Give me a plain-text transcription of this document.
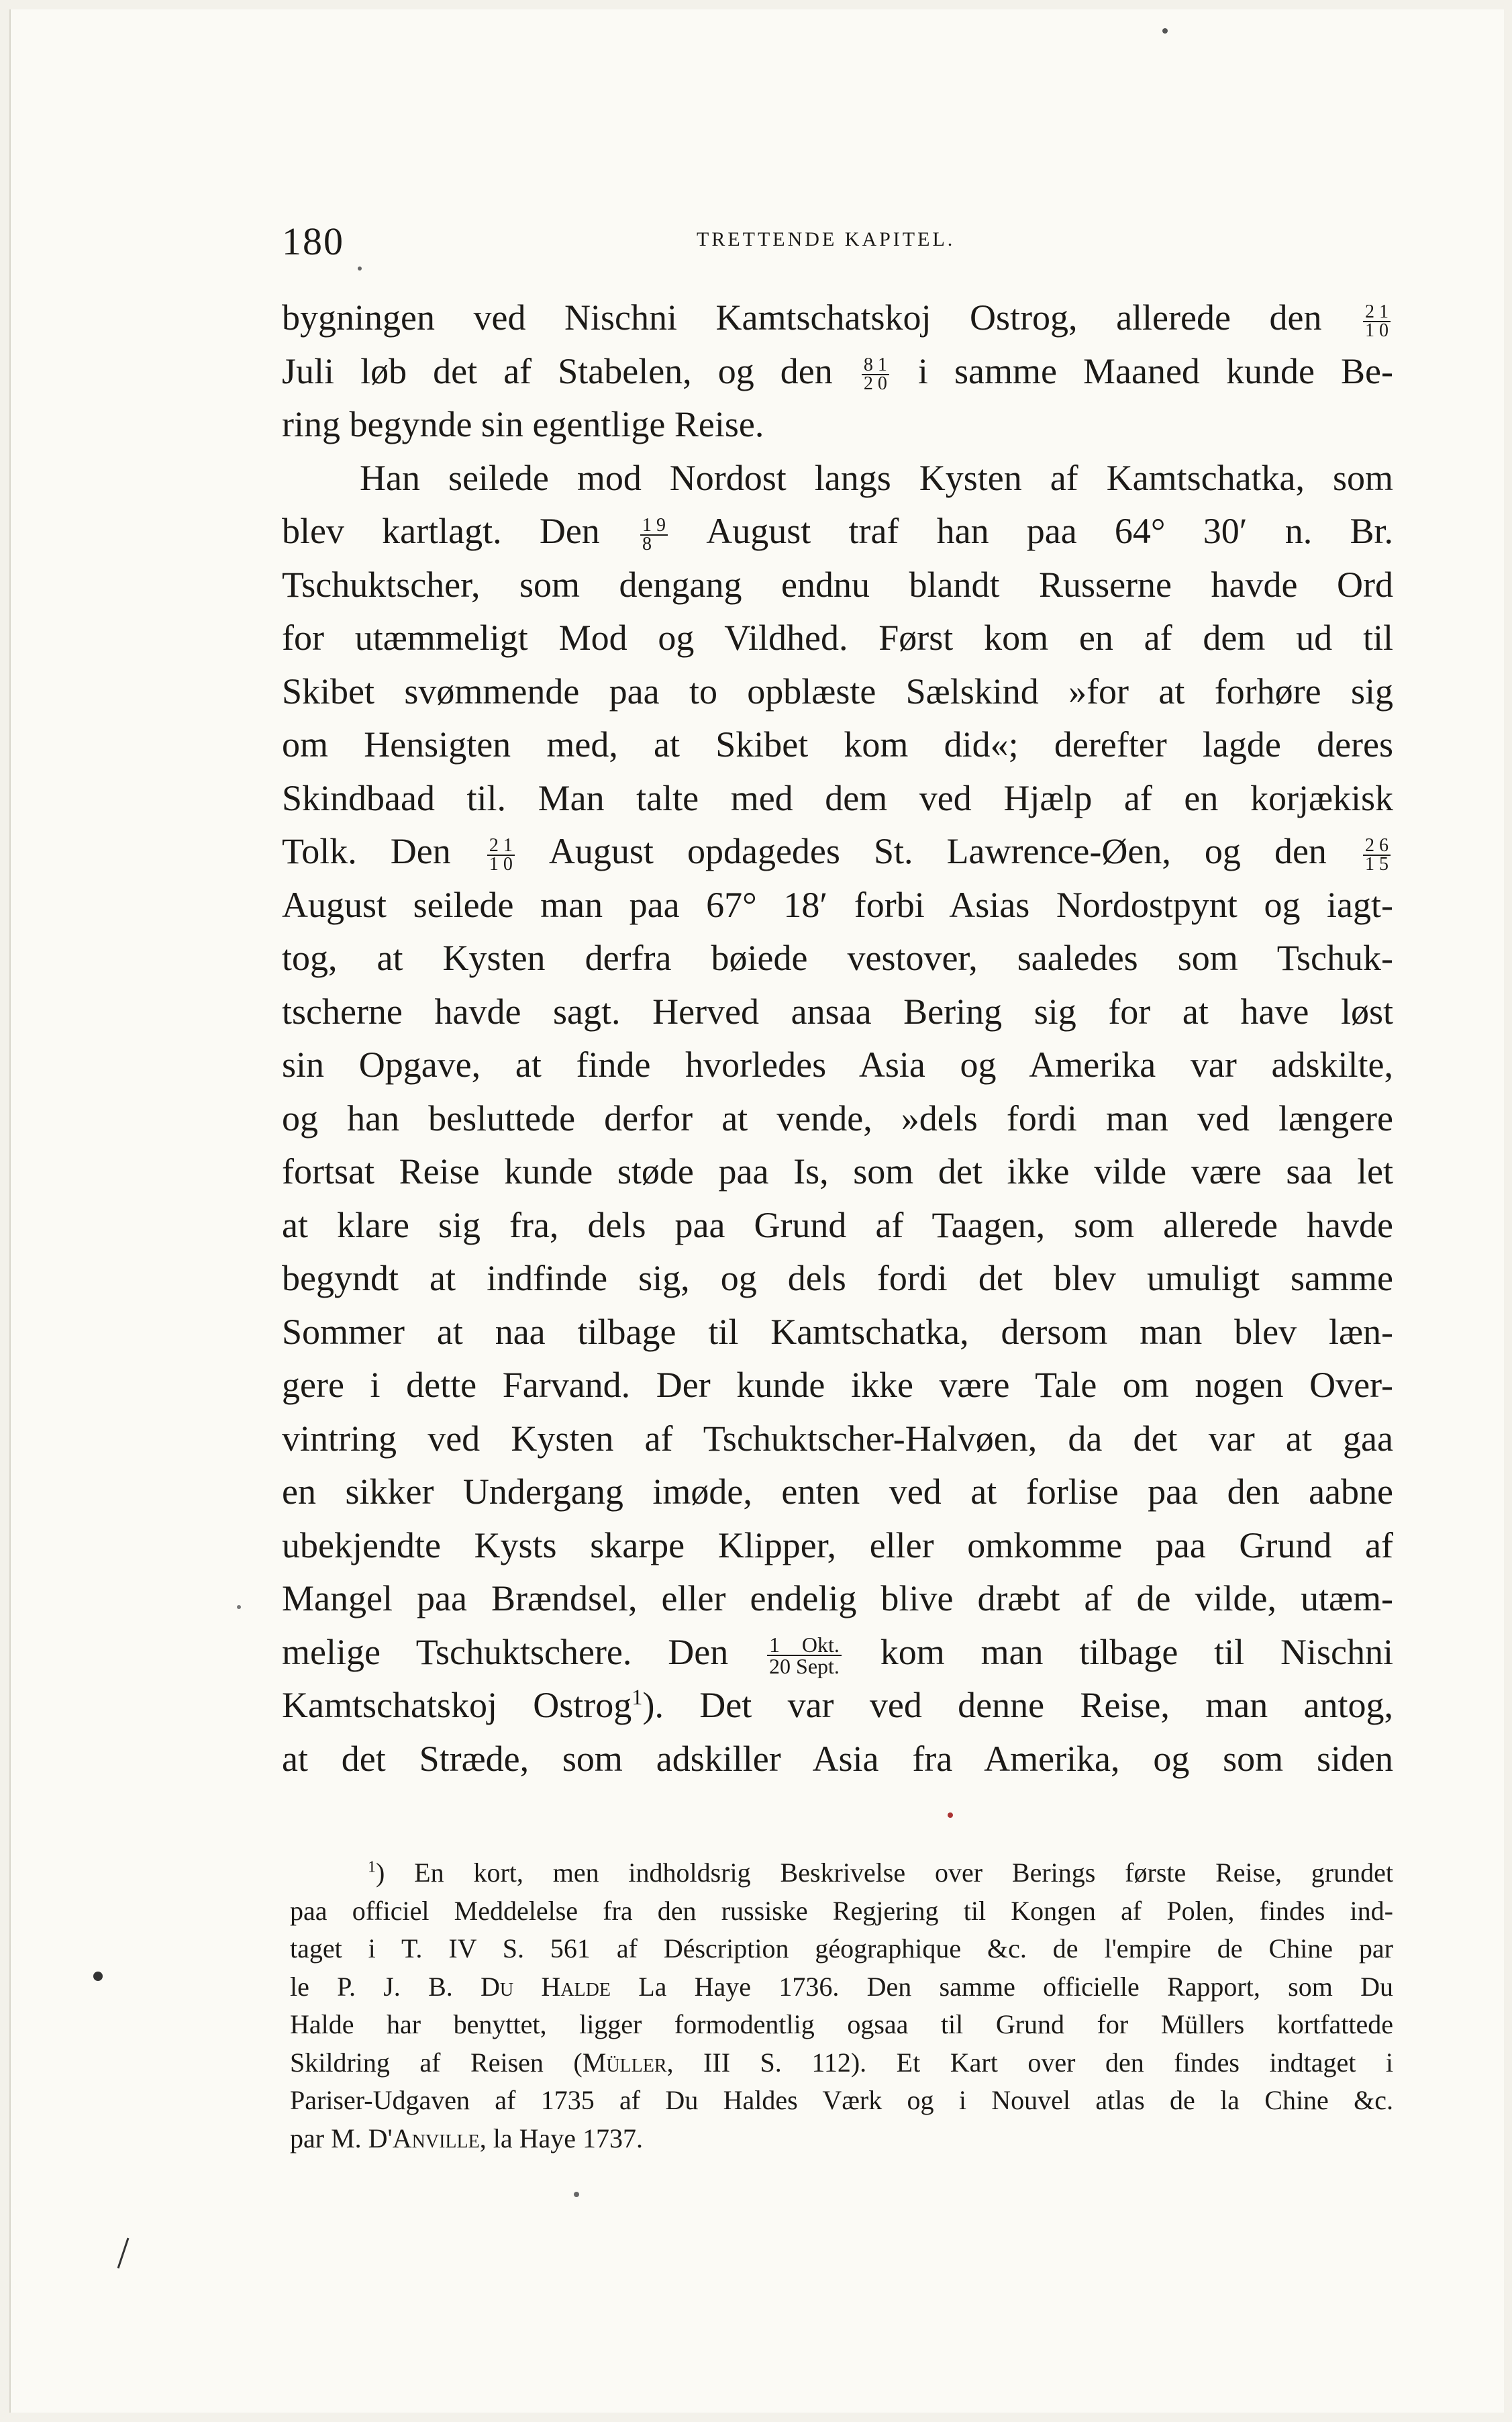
180	TRETTENDE KAPITEL.
bygningen ved Nischni Kamtschatskoj Ostrog, allerede den $\frac{2 1}{1 0}$
Juli løb det af Stabelen, og den $\frac{8 1}{2 0}$ i samme Maaned kunde Be-
ring begynde sin egentlige Reise.
Han seilede mod Nordost langs Kysten af Kamtschatka, som
blev kartlagt. Den $\frac{1 9}{8}$ August traf han paa 64° 30′ n. Br.
Tschuktscher, som dengang endnu blandt Russerne havde Ord
for utæmmeligt Mod og Vildhed. Først kom en af dem ud til
Skibet svømmende paa to opblæste Sælskind »for at forhøre sig
om Hensigten med, at Skibet kom did«; derefter lagde deres
Skindbaad til. Man talte med dem ved Hjælp af en korjækisk
Tolk. Den $\frac{2 1}{1 0}$ August opdagedes St. Lawrence-Øen, og den $\frac{2 6}{1 5}$
August seilede man paa 67° 18′ forbi Asias Nordostpynt og iagt-
tog, at Kysten derfra bøiede vestover, saaledes som Tschuk-
tscherne havde sagt. Herved ansaa Bering sig for at have løst
sin Opgave, at finde hvorledes Asia og Amerika var adskilte,
og han besluttede derfor at vende, »dels fordi man ved længere
fortsat Reise kunde støde paa Is, som det ikke vilde være saa let
at klare sig fra, dels paa Grund af Taagen, som allerede havde
begyndt at indfinde sig, og dels fordi det blev umuligt samme
Sommer at naa tilbage til Kamtschatka, dersom man blev læn-
gere i dette Farvand. Der kunde ikke være Tale om nogen Over-
vintring ved Kysten af Tschuktscher-Halvøen, da det var at gaa
en sikker Undergang imøde, enten ved at forlise paa den aabne
ubekjendte Kysts skarpe Klipper, eller omkomme paa Grund af
Mangel paa Brændsel, eller endelig blive dræbt af de vilde, utæm-
melige Tschuktschere. Den $\frac{\text{1 Okt.}}{\text{20 Sept.}}$ kom man tilbage til Nischni
Kamtschatskoj Ostrog$^1$). Det var ved denne Reise, man antog,
at det Stræde, som adskiller Asia fra Amerika, og som siden
$^1$) En kort, men indholdsrig Beskrivelse over Berings første Reise, grundet
paa officiel Meddelelse fra den russiske Regjering til Kongen af Polen, findes ind-
taget i T. IV S. 561 af Déscription géographique &c. de l'empire de Chine par
le P. J. B. Du Halde La Haye 1736. Den samme officielle Rapport, som Du
Halde har benyttet, ligger formodentlig ogsaa til Grund for Müllers kortfattede
Skildring af Reisen (Müller, III S. 112). Et Kart over den findes indtaget i
Pariser-Udgaven af 1735 af Du Haldes Værk og i Nouvel atlas de la Chine &c.
par M. D'Anville, la Haye 1737.
